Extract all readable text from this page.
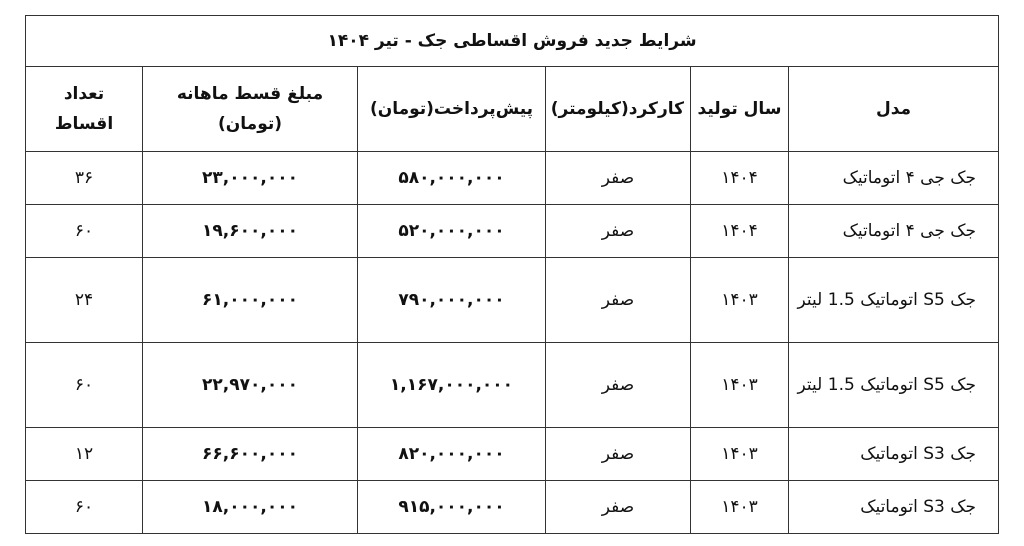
شرایط جدید فروش اقساطی جک - تیر ۱۴۰۴					
مدل	سال تولید	کارکرد(کیلومتر)	پیش‌پرداخت(تومان)	مبلغ قسط ماهانه (تومان)	تعداد اقساط
جک جی ۴ اتوماتیک	۱۴۰۴	صفر	۵۸۰,۰۰۰,۰۰۰	۲۳,۰۰۰,۰۰۰	۳۶
جک جی ۴ اتوماتیک	۱۴۰۴	صفر	۵۲۰,۰۰۰,۰۰۰	۱۹,۶۰۰,۰۰۰	۶۰
جک S5 اتوماتیک 1.5 لیتر	۱۴۰۳	صفر	۷۹۰,۰۰۰,۰۰۰	۶۱,۰۰۰,۰۰۰	۲۴
جک S5 اتوماتیک 1.5 لیتر	۱۴۰۳	صفر	۱,۱۶۷,۰۰۰,۰۰۰	۲۲,۹۷۰,۰۰۰	۶۰
جک S3 اتوماتیک	۱۴۰۳	صفر	۸۲۰,۰۰۰,۰۰۰	۶۶,۶۰۰,۰۰۰	۱۲
جک S3 اتوماتیک	۱۴۰۳	صفر	۹۱۵,۰۰۰,۰۰۰	۱۸,۰۰۰,۰۰۰	۶۰
